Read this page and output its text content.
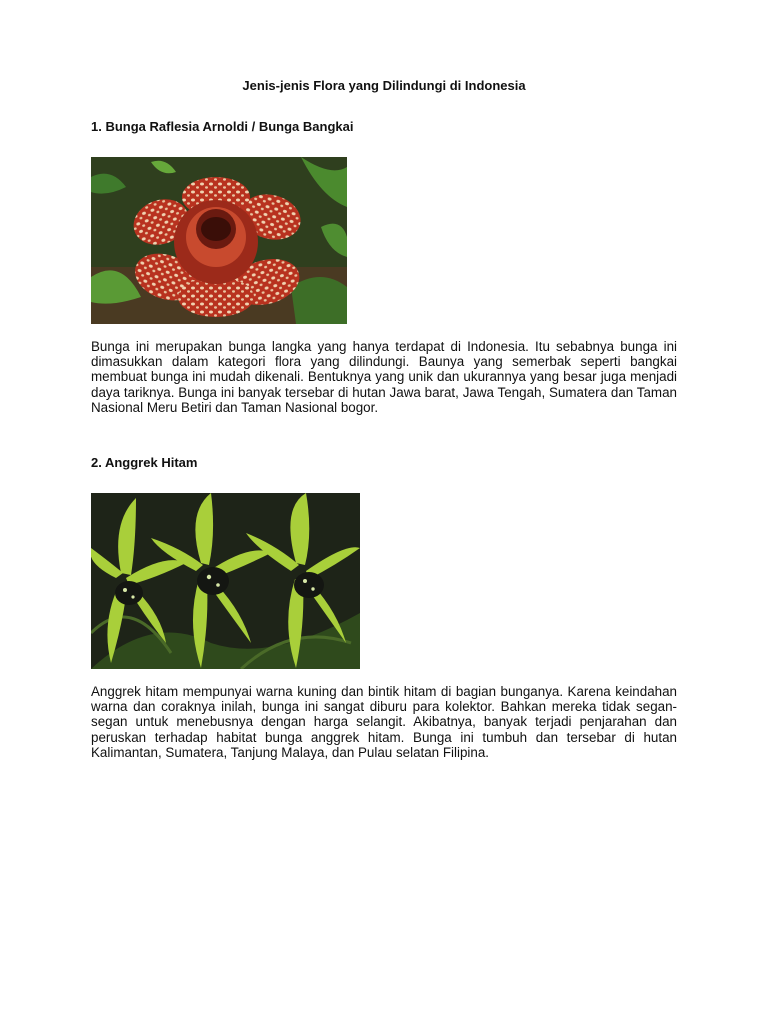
Jenis-jenis Flora yang Dilindungi di Indonesia
1. Bunga Raflesia Arnoldi / Bunga Bangkai

Bunga ini merupakan bunga langka yang hanya terdapat di Indonesia. Itu sebabnya bunga ini dimasukkan dalam kategori flora yang dilindungi. Baunya yang semerbak seperti bangkai membuat bunga ini mudah dikenali. Bentuknya yang unik dan ukurannya yang besar juga menjadi daya tariknya. Bunga ini banyak tersebar di hutan Jawa barat, Jawa Tengah, Sumatera dan Taman Nasional Meru Betiri dan Taman Nasional bogor.

2. Anggrek Hitam

Anggrek hitam mempunyai warna kuning dan bintik hitam di bagian bunganya. Karena keindahan warna dan coraknya inilah, bunga ini sangat diburu para kolektor. Bahkan mereka tidak segan-segan untuk menebusnya dengan harga selangit. Akibatnya, banyak terjadi penjarahan dan peruskan terhadap habitat bunga anggrek hitam. Bunga ini tumbuh dan tersebar di hutan Kalimantan, Sumatera, Tanjung Malaya, dan Pulau selatan Filipina.
